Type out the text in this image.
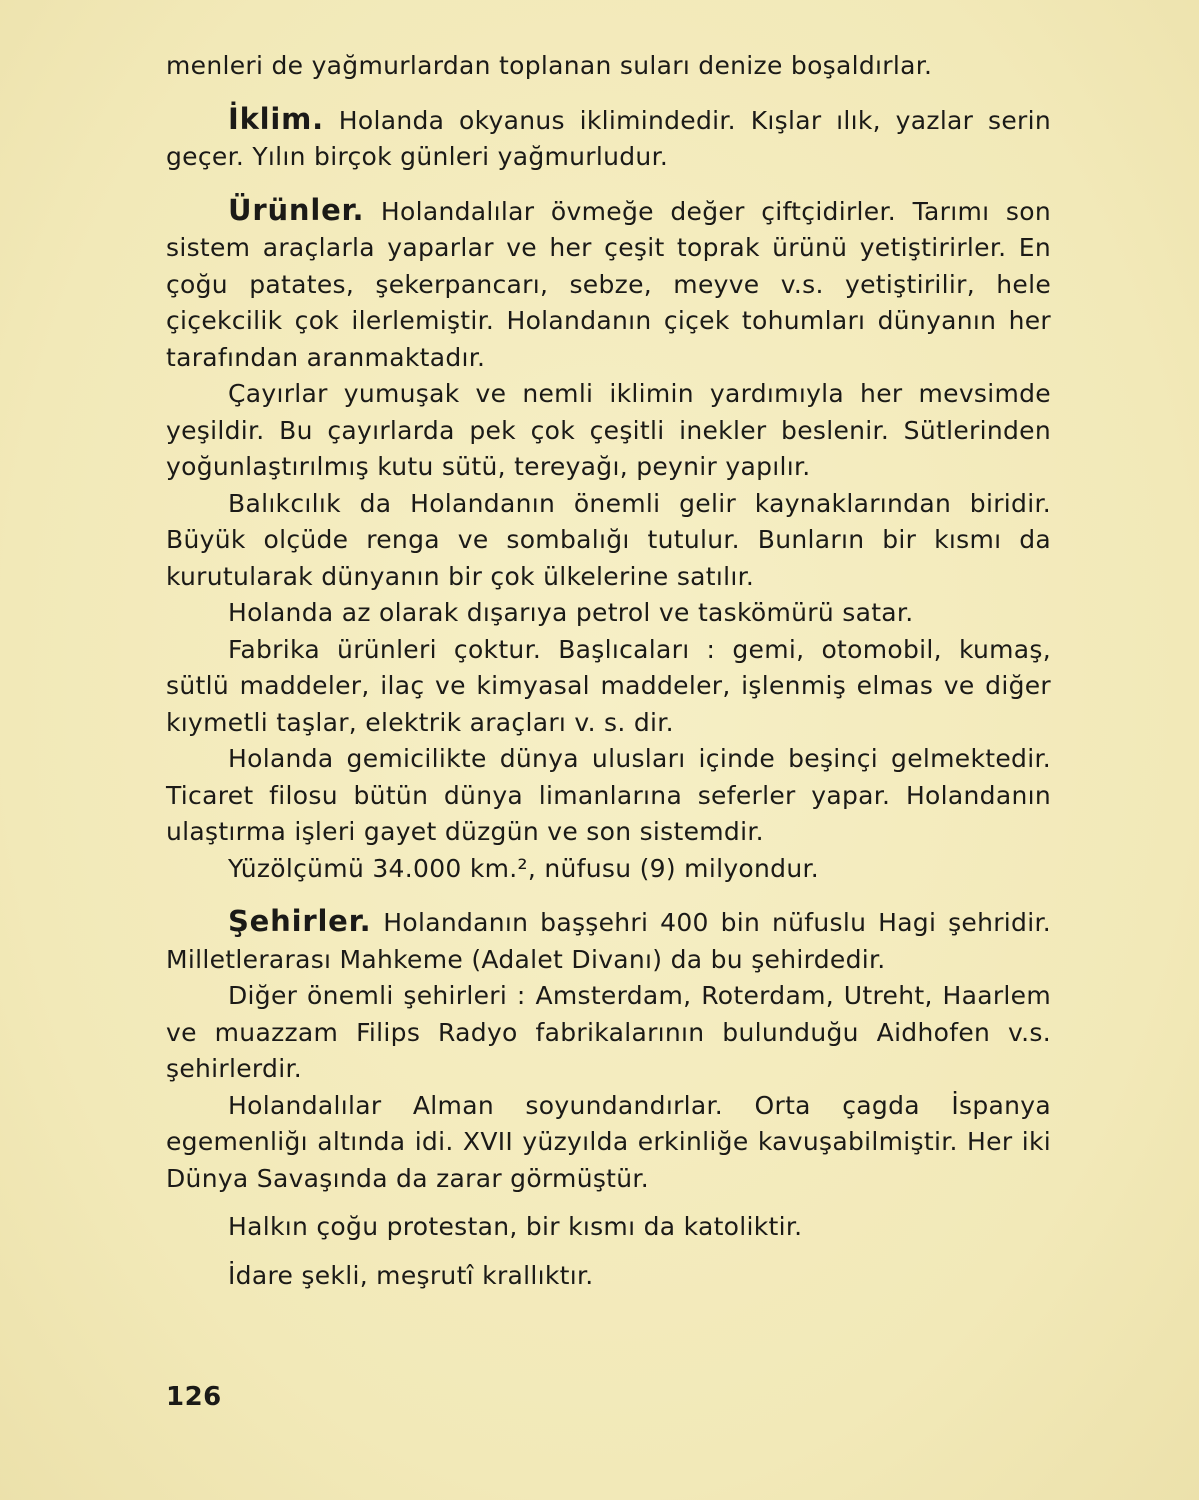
menleri de yağmurlardan toplanan suları denize boşaldırlar.

İklim. Holanda okyanus iklimindedir. Kışlar ılık, yazlar serin geçer. Yılın birçok günleri yağmurludur.

Ürünler. Holandalılar övmeğe değer çiftçidirler. Tarımı son sistem araçlarla yaparlar ve her çeşit toprak ürünü yetiştirirler. En çoğu patates, şekerpancarı, sebze, meyve v.s. yetiştirilir, hele çiçekcilik çok ilerlemiştir. Holandanın çiçek tohumları dünyanın her tarafından aranmaktadır.

Çayırlar yumuşak ve nemli iklimin yardımıyla her mevsimde yeşildir. Bu çayırlarda pek çok çeşitli inekler beslenir. Sütlerinden yoğunlaştırılmış kutu sütü, tereyağı, peynir yapılır.

Balıkcılık da Holandanın önemli gelir kaynaklarından biridir. Büyük olçüde renga ve sombalığı tutulur. Bunların bir kısmı da kurutularak dünyanın bir çok ülkelerine satılır.

Holanda az olarak dışarıya petrol ve taskömürü satar.

Fabrika ürünleri çoktur. Başlıcaları : gemi, otomobil, kumaş, sütlü maddeler, ilaç ve kimyasal maddeler, işlenmiş elmas ve diğer kıymetli taşlar, elektrik araçları v. s. dir.

Holanda gemicilikte dünya ulusları içinde beşinçi gelmektedir. Ticaret filosu bütün dünya limanlarına seferler yapar. Holandanın ulaştırma işleri gayet düzgün ve son sistemdir.

Yüzölçümü 34.000 km.², nüfusu (9) milyondur.

Şehirler. Holandanın başşehri 400 bin nüfuslu Hagi şehridir. Milletlerarası Mahkeme (Adalet Divanı) da bu şehirdedir.

Diğer önemli şehirleri : Amsterdam, Roterdam, Utreht, Haarlem ve muazzam Filips Radyo fabrikalarının bulunduğu Aidhofen v.s. şehirlerdir.

Holandalılar Alman soyundandırlar. Orta çagda İspanya egemenliğı altında idi. XVII yüzyılda erkinliğe kavuşabilmiştir. Her iki Dünya Savaşında da zarar görmüştür.

Halkın çoğu protestan, bir kısmı da katoliktir.

İdare şekli, meşrutî krallıktır.

126
